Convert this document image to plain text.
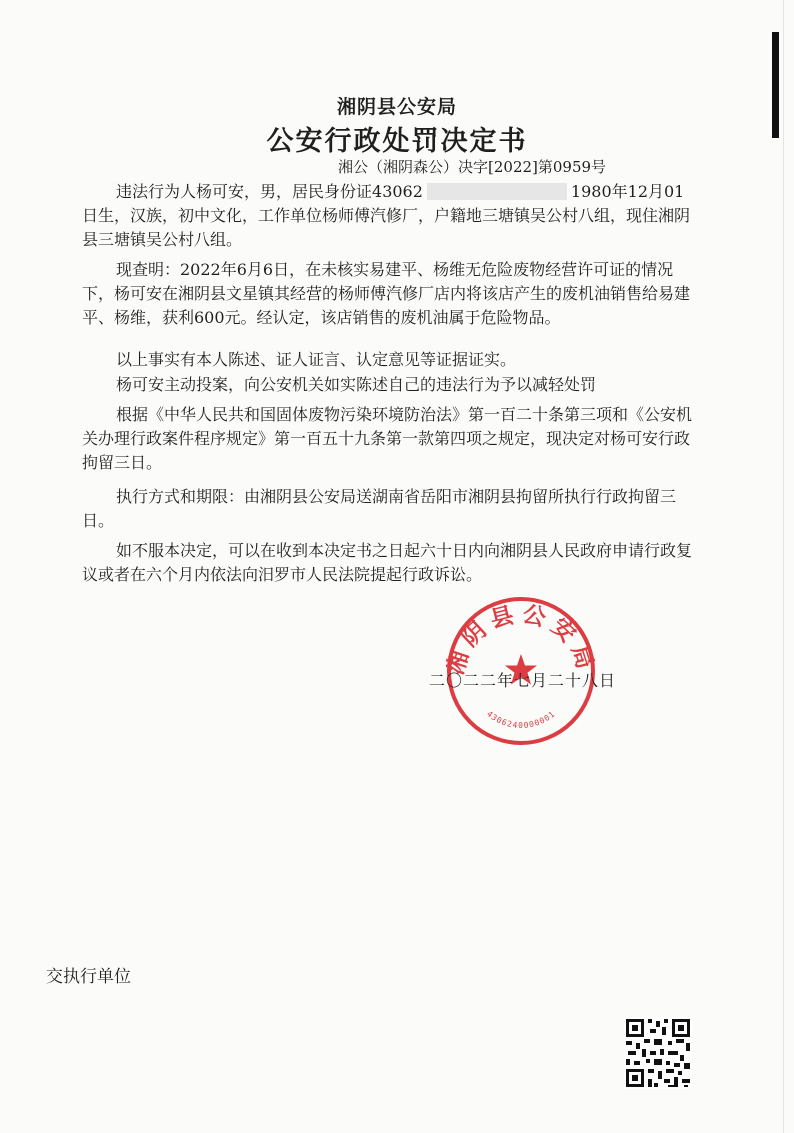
湘阴县公安局
公安行政处罚决定书
湘公（湘阴森公）决字[2022]第0959号

违法行为人杨可安，男，居民身份证43062	1980年12月01日生，汉族，初中文化，工作单位杨师傅汽修厂，户籍地三塘镇吴公村八组，现住湘阴县三塘镇吴公村八组。

现查明：2022年6月6日，在未核实易建平、杨维无危险废物经营许可证的情况下，杨可安在湘阴县文星镇其经营的杨师傅汽修厂店内将该店产生的废机油销售给易建平、杨维，获利600元。经认定，该店销售的废机油属于危险物品。

以上事实有本人陈述、证人证言、认定意见等证据证实。

杨可安主动投案，向公安机关如实陈述自己的违法行为予以减轻处罚

根据《中华人民共和国固体废物污染环境防治法》第一百二十条第三项和《公安机关办理行政案件程序规定》第一百五十九条第一款第四项之规定，现决定对杨可安行政拘留三日。

执行方式和期限：由湘阴县公安局送湖南省岳阳市湘阴县拘留所执行行政拘留三日。

如不服本决定，可以在收到本决定书之日起六十日内向湘阴县人民政府申请行政复议或者在六个月内依法向汨罗市人民法院提起行政诉讼。

阴县公安
4306240000001
二〇二二年七月二十八日
交执行单位
